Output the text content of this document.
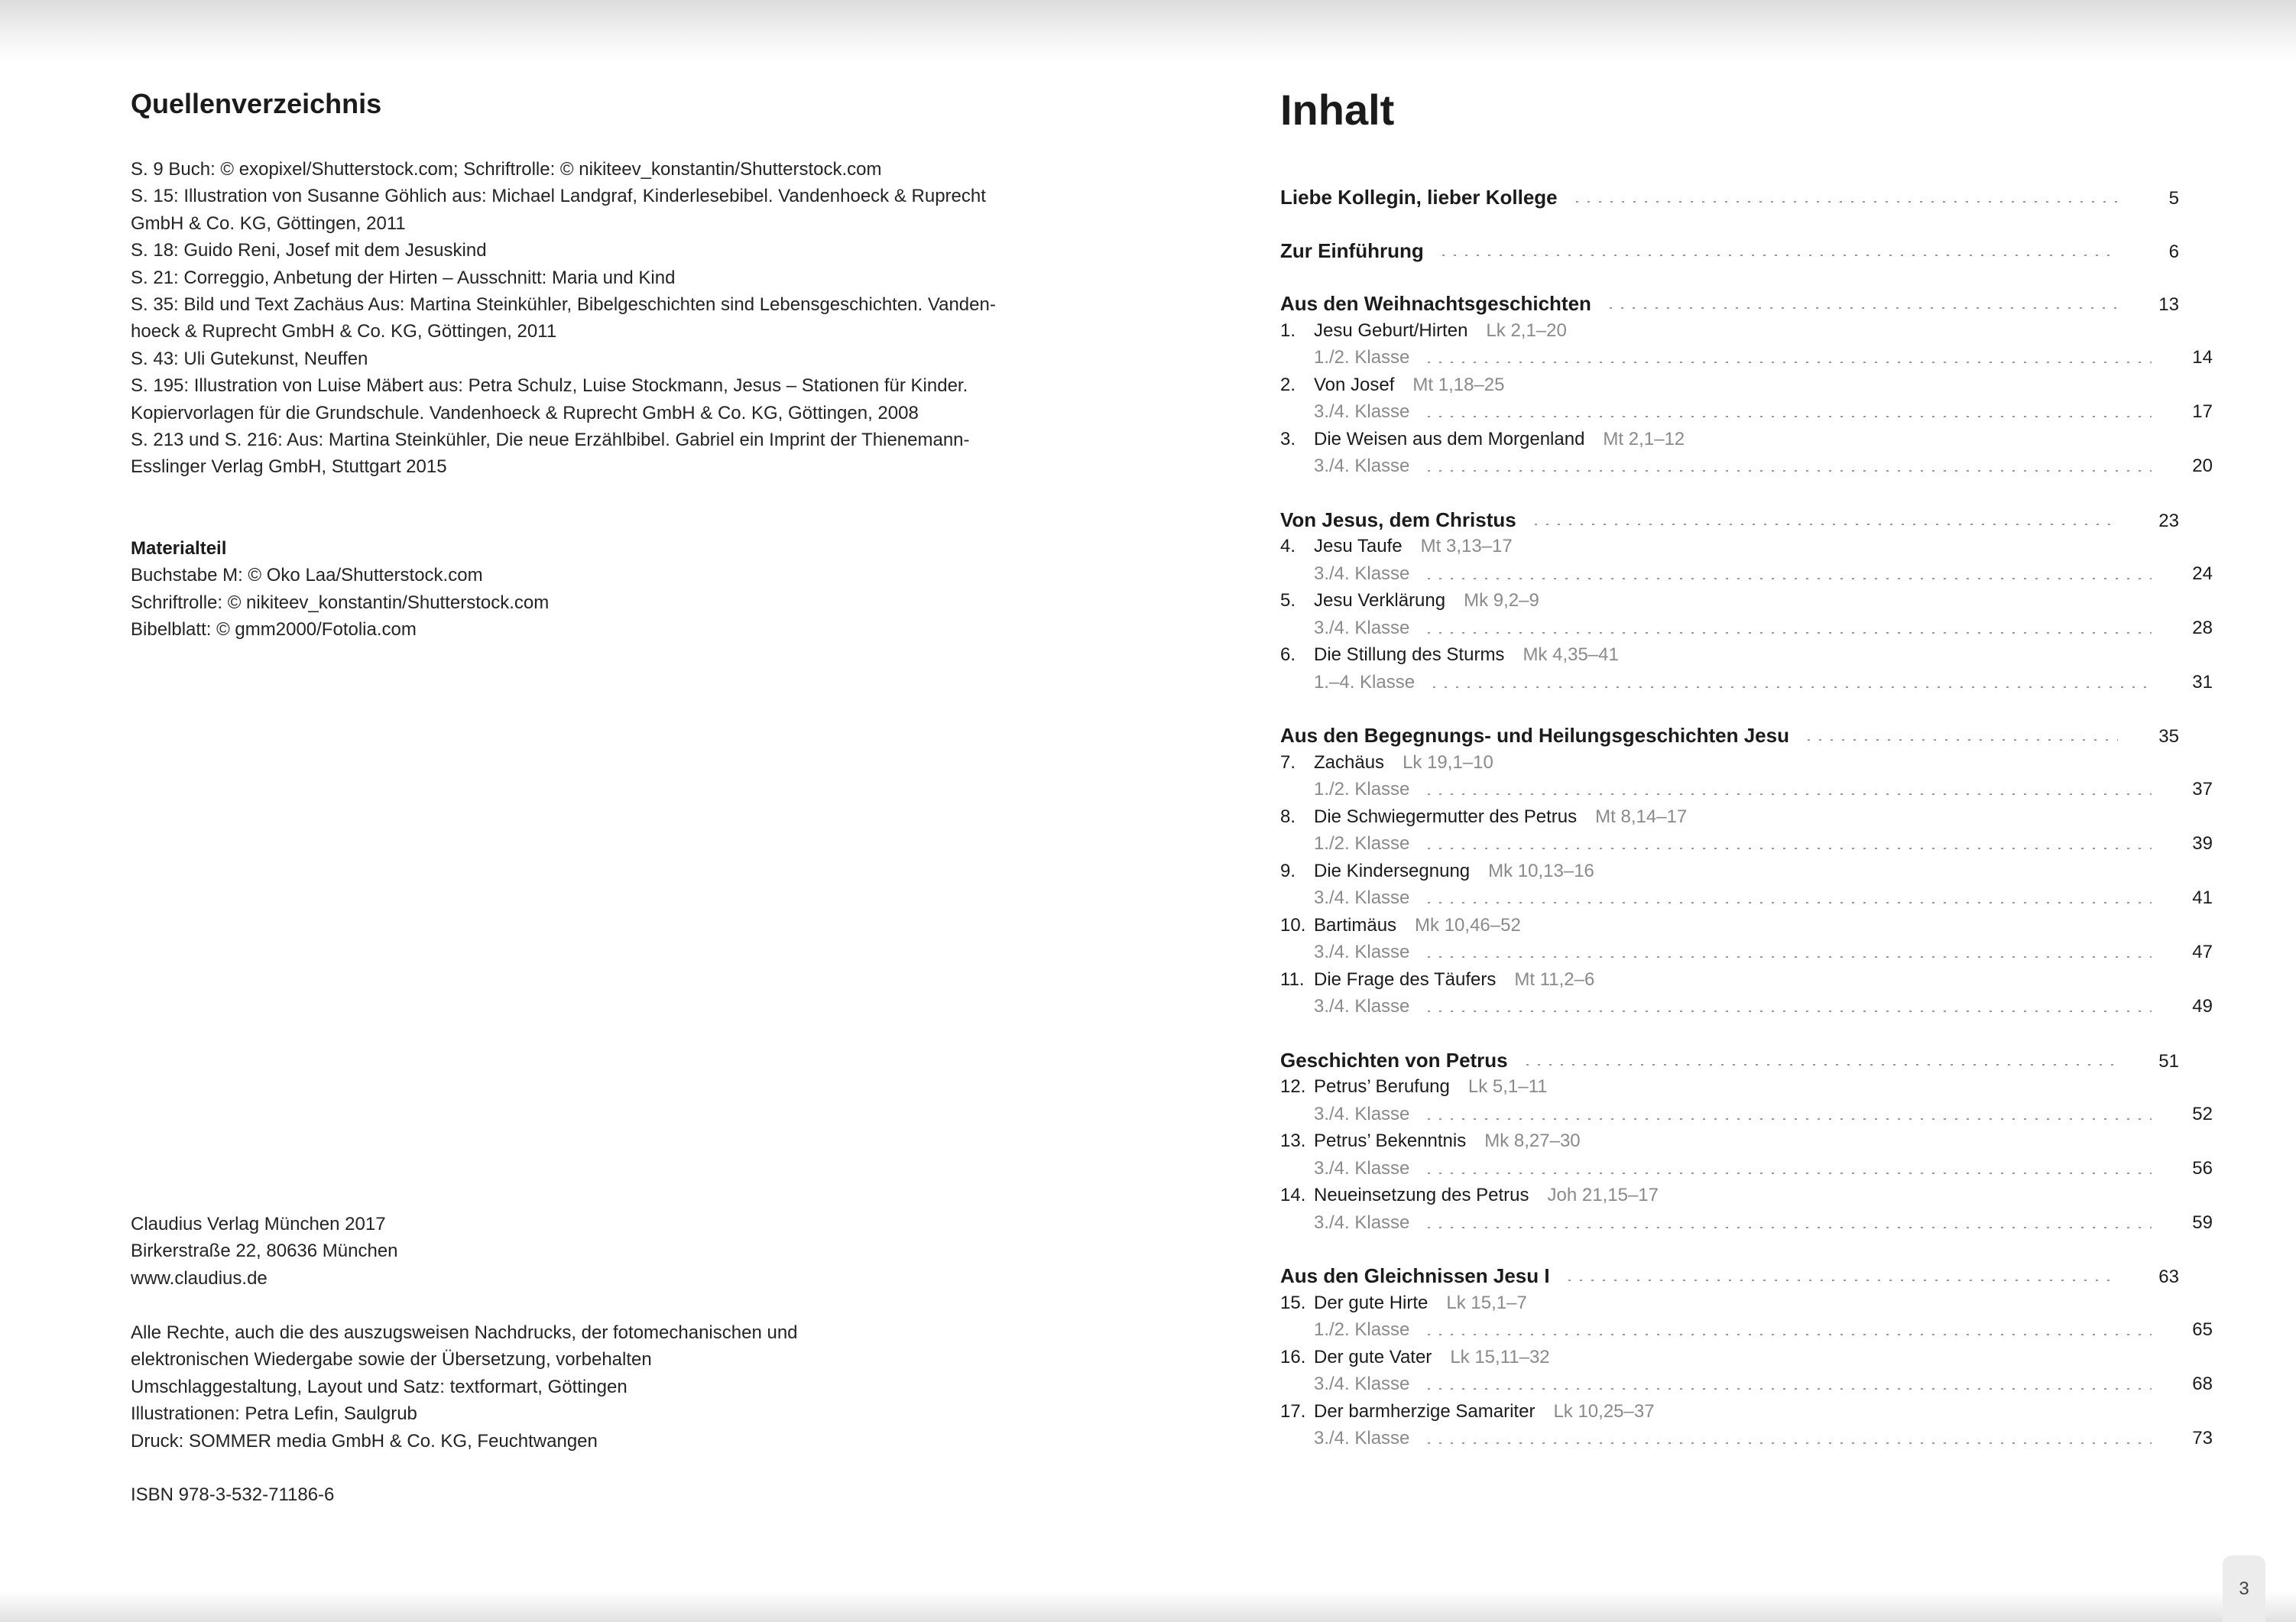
Quellenverzeichnis
S. 9 Buch: © exopixel/Shutterstock.com; Schriftrolle: © nikiteev_konstantin/Shutterstock.com
S. 15: Illustration von Susanne Göhlich aus: Michael Landgraf, Kinderlesebibel. Vandenhoeck & Ruprecht
GmbH & Co. KG, Göttingen, 2011
S. 18: Guido Reni, Josef mit dem Jesuskind
S. 21: Correggio, Anbetung der Hirten – Ausschnitt: Maria und Kind
S. 35: Bild und Text Zachäus Aus: Martina Steinkühler, Bibelgeschichten sind Lebensgeschichten. Vanden-
hoeck & Ruprecht GmbH & Co. KG, Göttingen, 2011
S. 43: Uli Gutekunst, Neuffen
S. 195: Illustration von Luise Mäbert aus: Petra Schulz, Luise Stockmann, Jesus – Stationen für Kinder.
Kopiervorlagen für die Grundschule. Vandenhoeck & Ruprecht GmbH & Co. KG, Göttingen, 2008
S. 213 und S. 216: Aus: Martina Steinkühler, Die neue Erzählbibel. Gabriel ein Imprint der Thienemann-
Esslinger Verlag GmbH, Stuttgart 2015
Materialteil
Buchstabe M: © Oko Laa/Shutterstock.com
Schriftrolle: © nikiteev_konstantin/Shutterstock.com
Bibelblatt: © gmm2000/Fotolia.com
Claudius Verlag München 2017
Birkerstraße 22, 80636 München
www.claudius.de
Alle Rechte, auch die des auszugsweisen Nachdrucks, der fotomechanischen und
elektronischen Wiedergabe sowie der Übersetzung, vorbehalten
Umschlaggestaltung, Layout und Satz: textformart, Göttingen
Illustrationen: Petra Lefin, Saulgrub
Druck: SOMMER media GmbH & Co. KG, Feuchtwangen
ISBN 978-3-532-71186-6
Inhalt
Liebe Kollegin, lieber Kollege	5
Zur Einführung	6
Aus den Weihnachtsgeschichten	13
1. Jesu Geburt/Hirten Lk 2,1–20
1./2. Klasse	14
2. Von Josef Mt 1,18–25
3./4. Klasse	17
3. Die Weisen aus dem Morgenland Mt 2,1–12
3./4. Klasse	20
Von Jesus, dem Christus	23
4. Jesu Taufe Mt 3,13–17
3./4. Klasse	24
5. Jesu Verklärung Mk 9,2–9
3./4. Klasse	28
6. Die Stillung des Sturms Mk 4,35–41
1.–4. Klasse	31
Aus den Begegnungs- und Heilungsgeschichten Jesu	35
7. Zachäus Lk 19,1–10
1./2. Klasse	37
8. Die Schwiegermutter des Petrus Mt 8,14–17
1./2. Klasse	39
9. Die Kindersegnung Mk 10,13–16
3./4. Klasse	41
10. Bartimäus Mk 10,46–52
3./4. Klasse	47
11. Die Frage des Täufers Mt 11,2–6
3./4. Klasse	49
Geschichten von Petrus	51
12. Petrus’ Berufung Lk 5,1–11
3./4. Klasse	52
13. Petrus’ Bekenntnis Mk 8,27–30
3./4. Klasse	56
14. Neueinsetzung des Petrus Joh 21,15–17
3./4. Klasse	59
Aus den Gleichnissen Jesu I	63
15. Der gute Hirte Lk 15,1–7
1./2. Klasse	65
16. Der gute Vater Lk 15,11–32
3./4. Klasse	68
17. Der barmherzige Samariter Lk 10,25–37
3./4. Klasse	73
3
